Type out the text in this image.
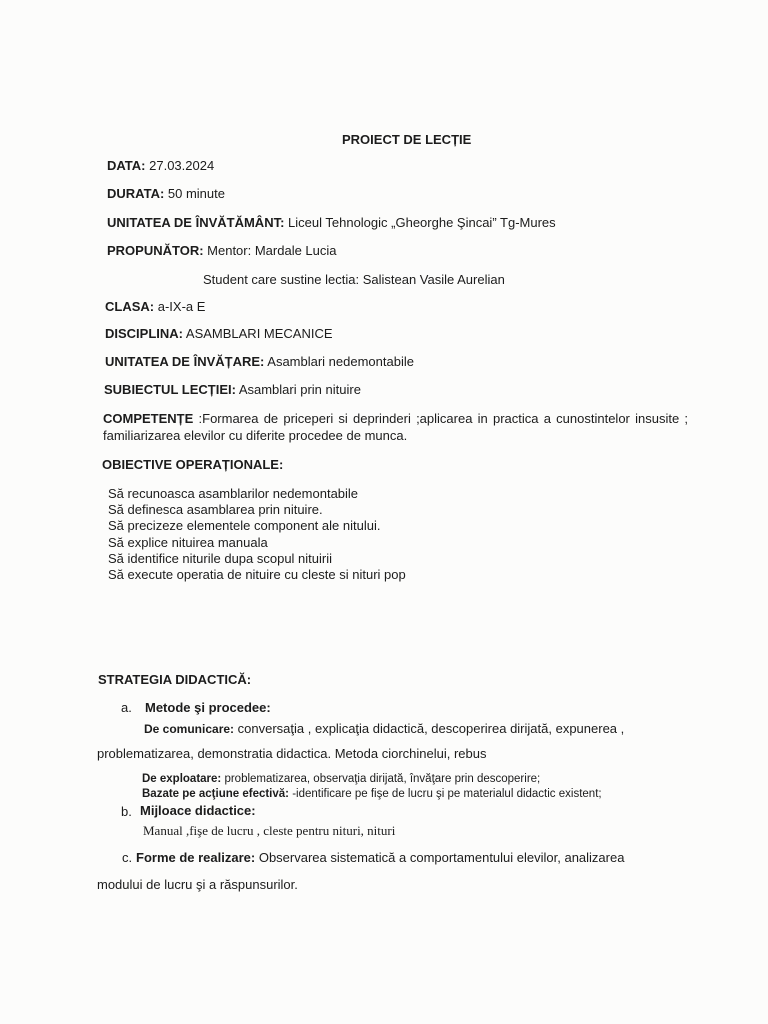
PROIECT DE LECȚIE
DATA: 27.03.2024
DURATA: 50 minute
UNITATEA DE ÎNVĂTĂMÂNT: Liceul Tehnologic „Gheorghe Şincai” Tg-Mures
PROPUNĂTOR: Mentor: Mardale Lucia
Student care sustine lectia: Salistean Vasile Aurelian
CLASA: a-IX-a E
DISCIPLINA: ASAMBLARI MECANICE
UNITATEA DE ÎNVĂȚARE: Asamblari nedemontabile
SUBIECTUL LECȚIEI: Asamblari prin nituire
COMPETENȚE :Formarea de priceperi si deprinderi ;aplicarea in practica a cunostintelor insusite ; familiarizarea elevilor cu diferite procedee de munca.
OBIECTIVE OPERAȚIONALE:
Să recunoasca asamblarilor nedemontabile
Să definesca asamblarea prin nituire.
Să precizeze elementele component ale nitului.
Să explice nituirea manuala
Să identifice niturile dupa scopul nituirii
Să execute operatia de nituire cu cleste si nituri pop
STRATEGIA DIDACTICĂ:
a. Metode şi procedee:
De comunicare: conversaţia , explicaţia didactică, descoperirea dirijată, expunerea ,
problematizarea, demonstratia didactica. Metoda ciorchinelui, rebus
De exploatare: problematizarea, observaţia dirijată, învăţare prin descoperire;
Bazate pe acţiune efectivă: -identificare pe fişe de lucru şi pe materialul didactic existent;
b. Mijloace didactice:
Manual ,fişe de lucru , cleste pentru nituri, nituri
c. Forme de realizare: Observarea sistematică a comportamentului elevilor, analizarea
modului de lucru şi a răspunsurilor.
